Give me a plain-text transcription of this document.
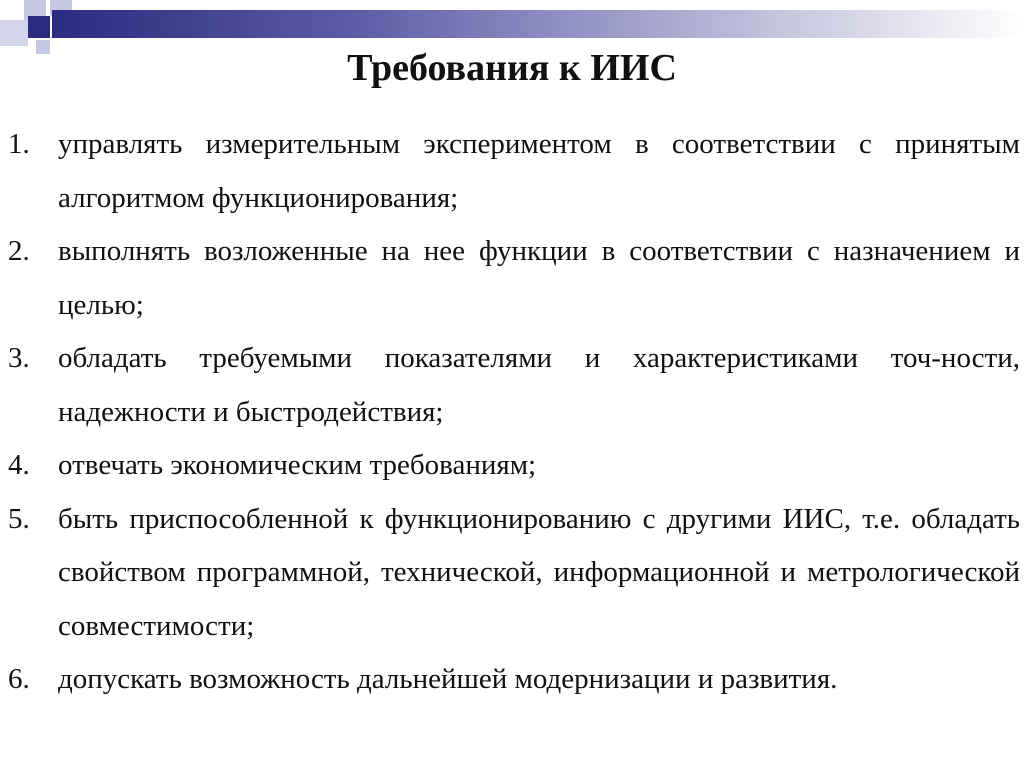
Требования к ИИС
1. управлять измерительным экспериментом в соответствии с принятым алгоритмом функционирования;
2. выполнять возложенные на нее функции в соответствии с назначением и целью;
3. обладать требуемыми показателями и характеристиками точ-ности, надежности и быстродействия;
4. отвечать экономическим требованиям;
5. быть приспособленной к функционированию с другими ИИС, т.е. обладать свойством программной, технической, информационной и метрологической совместимости;
6. допускать возможность дальнейшей модернизации и развития.
